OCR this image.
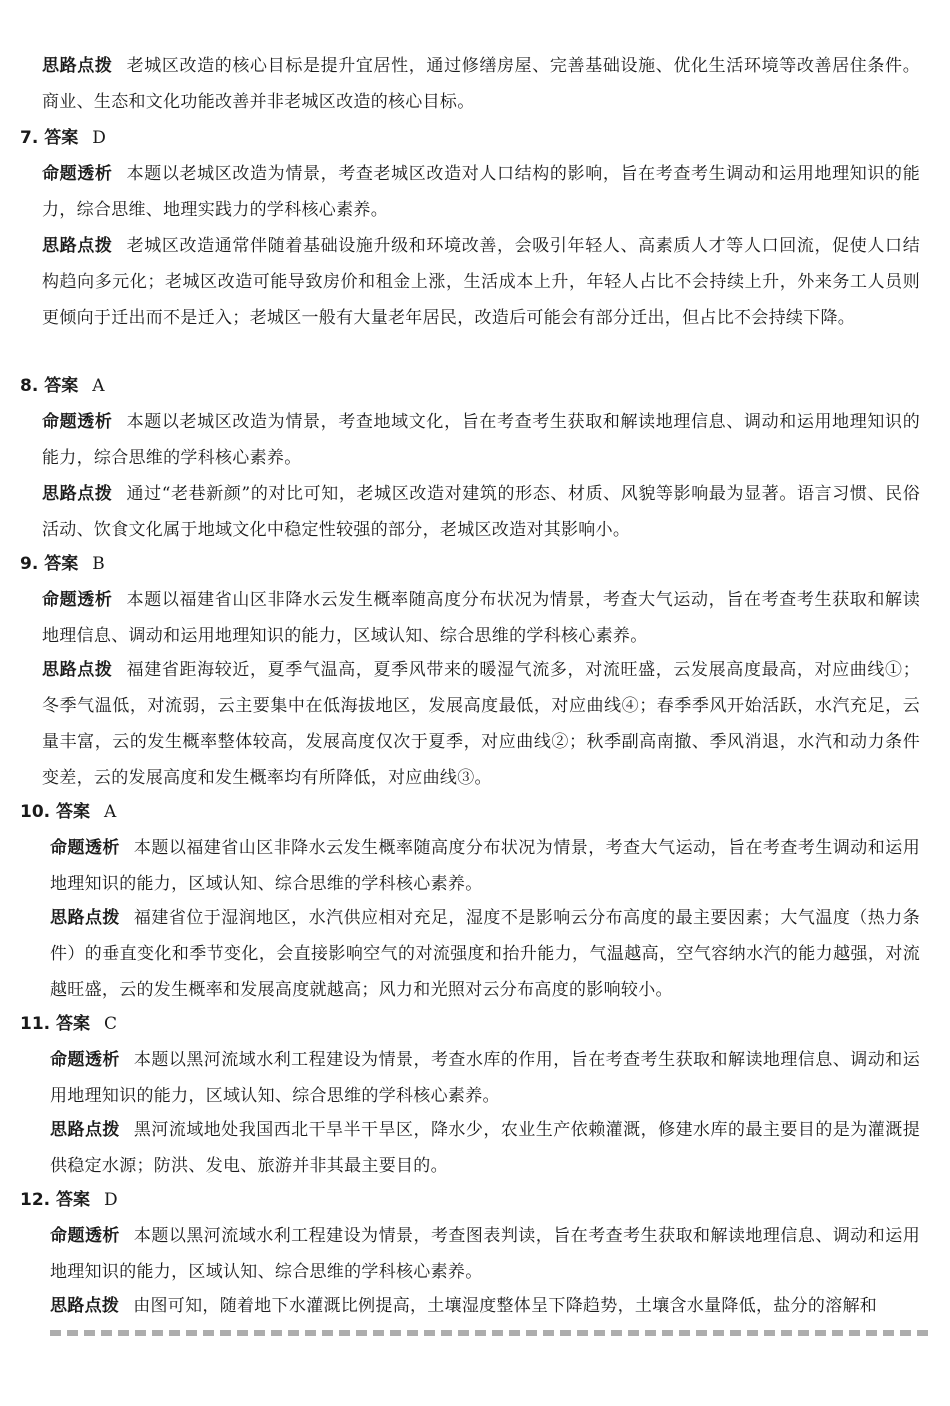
思路点拨 老城区改造的核心目标是提升宜居性，通过修缮房屋、完善基础设施、优化生活环境等改善居住条件。商业、生态和文化功能改善并非老城区改造的核心目标。

7. 答案 D

命题透析 本题以老城区改造为情景，考查老城区改造对人口结构的影响，旨在考查考生调动和运用地理知识的能力，综合思维、地理实践力的学科核心素养。

思路点拨 老城区改造通常伴随着基础设施升级和环境改善，会吸引年轻人、高素质人才等人口回流，促使人口结构趋向多元化；老城区改造可能导致房价和租金上涨，生活成本上升，年轻人占比不会持续上升，外来务工人员则更倾向于迁出而不是迁入；老城区一般有大量老年居民，改造后可能会有部分迁出，但占比不会持续下降。

8. 答案 A

命题透析 本题以老城区改造为情景，考查地域文化，旨在考查考生获取和解读地理信息、调动和运用地理知识的能力，综合思维的学科核心素养。

思路点拨 通过“老巷新颜”的对比可知，老城区改造对建筑的形态、材质、风貌等影响最为显著。语言习惯、民俗活动、饮食文化属于地域文化中稳定性较强的部分，老城区改造对其影响小。

9. 答案 B

命题透析 本题以福建省山区非降水云发生概率随高度分布状况为情景，考查大气运动，旨在考查考生获取和解读地理信息、调动和运用地理知识的能力，区域认知、综合思维的学科核心素养。

思路点拨 福建省距海较近，夏季气温高，夏季风带来的暖湿气流多，对流旺盛，云发展高度最高，对应曲线①；冬季气温低，对流弱，云主要集中在低海拔地区，发展高度最低，对应曲线④；春季季风开始活跃，水汽充足，云量丰富，云的发生概率整体较高，发展高度仅次于夏季，对应曲线②；秋季副高南撤、季风消退，水汽和动力条件变差，云的发展高度和发生概率均有所降低，对应曲线③。

10. 答案 A

命题透析 本题以福建省山区非降水云发生概率随高度分布状况为情景，考查大气运动，旨在考查考生调动和运用地理知识的能力，区域认知、综合思维的学科核心素养。

思路点拨 福建省位于湿润地区，水汽供应相对充足，湿度不是影响云分布高度的最主要因素；大气温度（热力条件）的垂直变化和季节变化，会直接影响空气的对流强度和抬升能力，气温越高，空气容纳水汽的能力越强，对流越旺盛，云的发生概率和发展高度就越高；风力和光照对云分布高度的影响较小。

11. 答案 C

命题透析 本题以黑河流域水利工程建设为情景，考查水库的作用，旨在考查考生获取和解读地理信息、调动和运用地理知识的能力，区域认知、综合思维的学科核心素养。

思路点拨 黑河流域地处我国西北干旱半干旱区，降水少，农业生产依赖灌溉，修建水库的最主要目的是为灌溉提供稳定水源；防洪、发电、旅游并非其最主要目的。

12. 答案 D

命题透析 本题以黑河流域水利工程建设为情景，考查图表判读，旨在考查考生获取和解读地理信息、调动和运用地理知识的能力，区域认知、综合思维的学科核心素养。

思路点拨 由图可知，随着地下水灌溉比例提高，土壤湿度整体呈下降趋势，土壤含水量降低，盐分的溶解和
